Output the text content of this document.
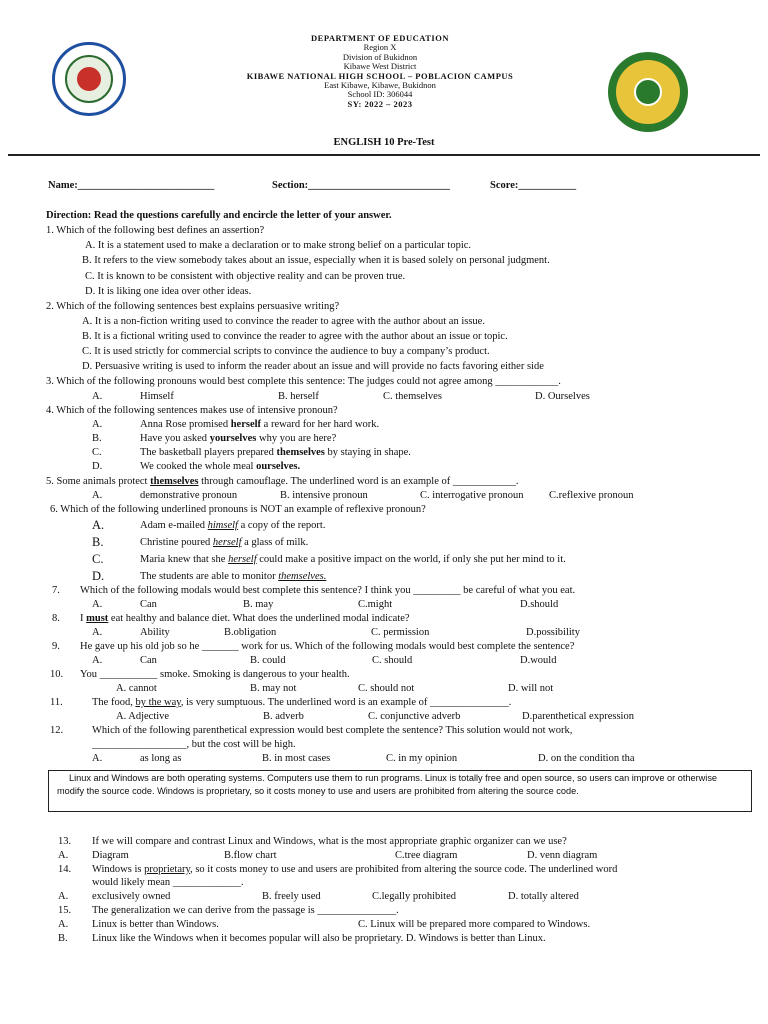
DEPARTMENT OF EDUCATION
Region X
Division of Bukidnon
Kibawe West District
KIBAWE NATIONAL HIGH SCHOOL – POBLACION CAMPUS
East Kibawe, Kibawe, Bukidnon
School ID: 306044
SY: 2022 – 2023
ENGLISH 10 Pre-Test
Name:__________________________	Section:___________________________	Score:___________
Direction: Read the questions carefully and encircle the letter of your answer.
1. Which of the following best defines an assertion?
A. It is a statement used to make a declaration or to make strong belief on a particular topic.
B. It refers to the view somebody takes about an issue, especially when it is based solely on personal judgment.
C. It is known to be consistent with objective reality and can be proven true.
D. It is liking one idea over other ideas.
2. Which of the following sentences best explains persuasive writing?
A. It is a non-fiction writing used to convince the reader to agree with the author about an issue.
B. It is a fictional writing used to convince the reader to agree with the author about an issue or topic.
C. It is used strictly for commercial scripts to convince the audience to buy a company’s product.
D. Persuasive writing is used to inform the reader about an issue and will provide no facts favoring either side
3. Which of the following pronouns would best complete this sentence: The judges could not agree among ____________.
A.	Himself	B. herself	C. themselves	D. Ourselves
4. Which of the following sentences makes use of intensive pronoun?
A.	Anna Rose promised herself a reward for her hard work.
B.	Have you asked yourselves why you are here?
C.	The basketball players prepared themselves by staying in shape.
D.	We cooked the whole meal ourselves.
5. Some animals protect themselves through camouflage. The underlined word is an example of ____________.
A.	demonstrative pronoun	B. intensive pronoun	C. interrogative pronoun C.reflexive pronoun
6. Which of the following underlined pronouns is NOT an example of reflexive pronoun?
A.	Adam e-mailed himself a copy of the report.
B.	Christine poured herself a glass of milk.
C.	Maria knew that she herself could make a positive impact on the world, if only she put her mind to it.
D.	The students are able to monitor themselves.
7. Which of the following modals would best complete this sentence? I think you _________ be careful of what you eat.
A.	Can	B. may	C.might	D.should
8. I must eat healthy and balance diet. What does the underlined modal indicate?
A.	Ability	B.obligation	C. permission	D.possibility
9. He gave up his old job so he _______ work for us. Which of the following modals would best complete the sentence?
A.	Can	B. could	C. should	D.would
10. You ___________ smoke. Smoking is dangerous to your health.
A. cannot	B. may not	C. should not	D. will not
11.	The food, by the way, is very sumptuous. The underlined word is an example of _______________.
A. Adjective	B. adverb	C. conjunctive adverb	D.parenthetical expression
12.	Which of the following parenthetical expression would best complete the sentence? This solution would not work,
__________________, but the cost will be high.
A.	as long as	B. in most cases	C. in my opinion	D. on the condition tha
Linux and Windows are both operating systems. Computers use them to run programs. Linux is totally free and open source, so users can improve or otherwise modify the source code. Windows is proprietary, so it costs money to use and users are prohibited from altering the source code.
13. If we will compare and contrast Linux and Windows, what is the most appropriate graphic organizer can we use?
A. Diagram	B.flow chart	C.tree diagram	D. venn diagram
14. Windows is proprietary, so it costs money to use and users are prohibited from altering the source code. The underlined word
would likely mean _____________.
A. exclusively owned	B. freely used	C.legally prohibited	D. totally altered
15. The generalization we can derive from the passage is _______________.
A. Linux is better than Windows.	C. Linux will be prepared more compared to Windows.
B. Linux like the Windows when it becomes popular will also be proprietary. D. Windows is better than Linux.
